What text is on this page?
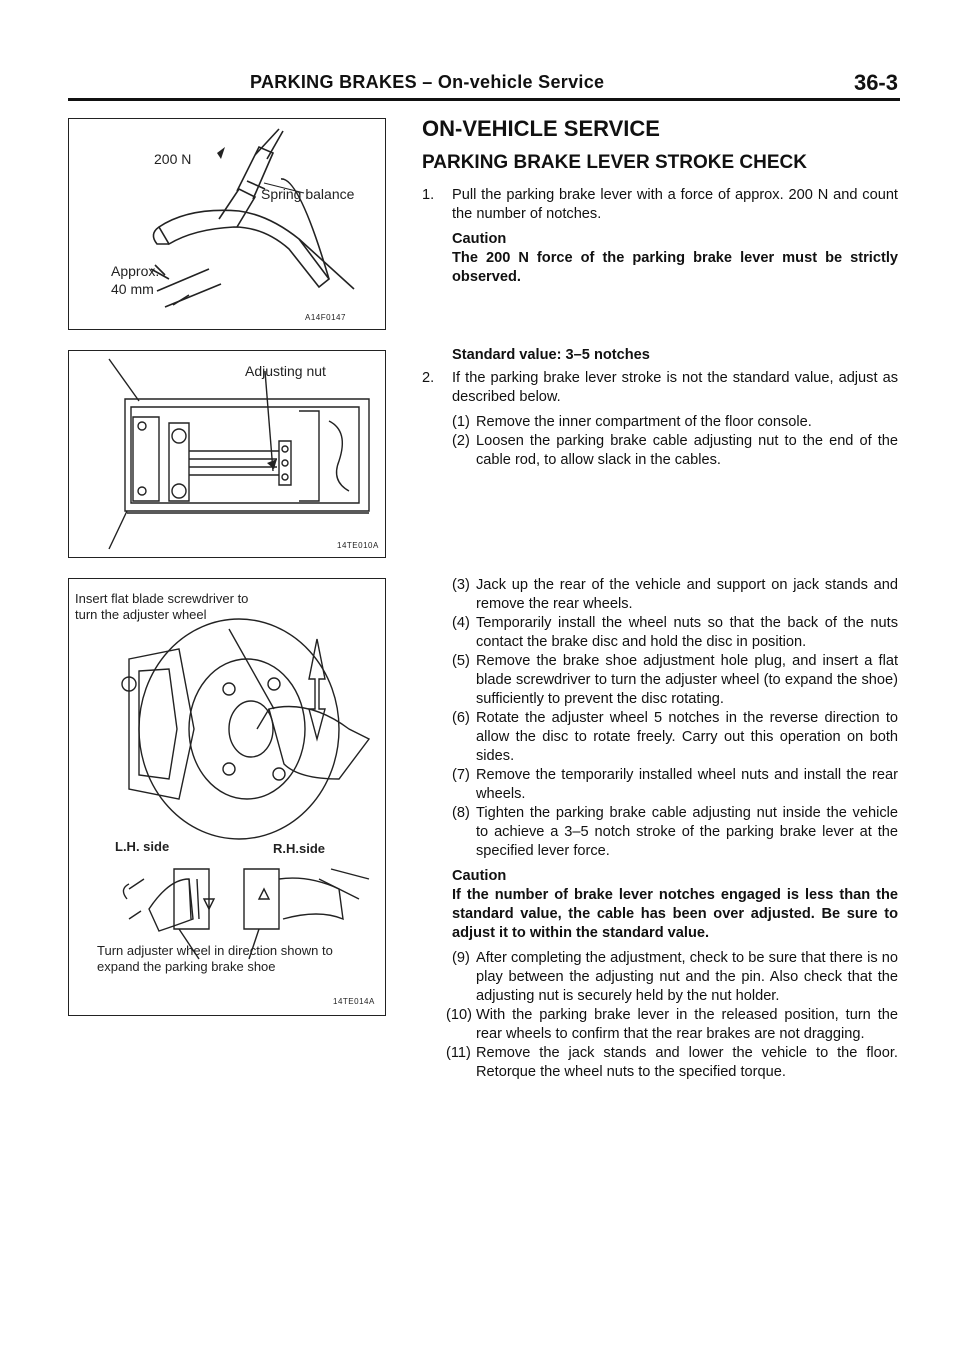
PARKING BRAKES – On-vehicle Service	36-3
200 N
Spring balance
Approx.
40 mm
A14F0147
Adjusting nut
14TE010A
Insert flat blade screwdriver to
turn the adjuster wheel
L.H. side	R.H.side
Turn adjuster wheel in direction shown to
expand the parking brake shoe
14TE014A
ON-VEHICLE SERVICE
PARKING BRAKE LEVER STROKE CHECK
1. Pull the parking brake lever with a force of approx. 200 N and count the number of notches.
Caution
The 200 N force of the parking brake lever must be strictly observed.
Standard value: 3–5 notches
2. If the parking brake lever stroke is not the standard value, adjust as described below.
(1) Remove the inner compartment of the floor console.
(2) Loosen the parking brake cable adjusting nut to the end of the cable rod, to allow slack in the cables.
(3) Jack up the rear of the vehicle and support on jack stands and remove the rear wheels.
(4) Temporarily install the wheel nuts so that the back of the nuts contact the brake disc and hold the disc in position.
(5) Remove the brake shoe adjustment hole plug, and insert a flat blade screwdriver to turn the adjuster wheel (to expand the shoe) sufficiently to prevent the disc rotating.
(6) Rotate the adjuster wheel 5 notches in the reverse direction to allow the disc to rotate freely. Carry out this operation on both sides.
(7) Remove the temporarily installed wheel nuts and install the rear wheels.
(8) Tighten the parking brake cable adjusting nut inside the vehicle to achieve a 3–5 notch stroke of the parking brake lever at the specified lever force.
Caution
If the number of brake lever notches engaged is less than the standard value, the cable has been over adjusted. Be sure to adjust it to within the standard value.
(9) After completing the adjustment, check to be sure that there is no play between the adjusting nut and the pin. Also check that the adjusting nut is securely held by the nut holder.
(10) With the parking brake lever in the released position, turn the rear wheels to confirm that the rear brakes are not dragging.
(11) Remove the jack stands and lower the vehicle to the floor. Retorque the wheel nuts to the specified torque.
